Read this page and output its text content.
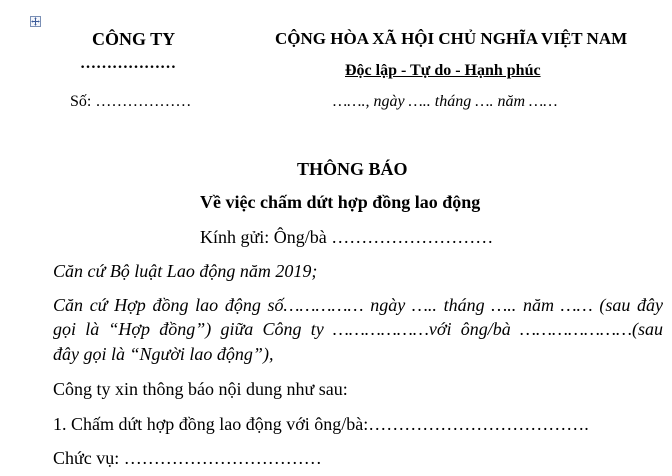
CÔNG TY
………………
Số: ………………
CỘNG HÒA XÃ HỘI CHỦ NGHĨA VIỆT NAM
Độc lập - Tự do - Hạnh phúc
……., ngày ….. tháng …. năm ……
THÔNG BÁO
Về việc chấm dứt hợp đồng lao động
Kính gửi: Ông/bà ………………………
Căn cứ Bộ luật Lao động năm 2019;
Căn cứ Hợp đồng lao động số…………… ngày ….. tháng ….. năm …… (sau đây
gọi là “Hợp đồng”) giữa Công ty ………………với ông/bà …………………(sau
đây gọi là “Người lao động”),
Công ty xin thông báo nội dung như sau:
1. Chấm dứt hợp đồng lao động với ông/bà:……………………………….
Chức vụ: ……………………………
